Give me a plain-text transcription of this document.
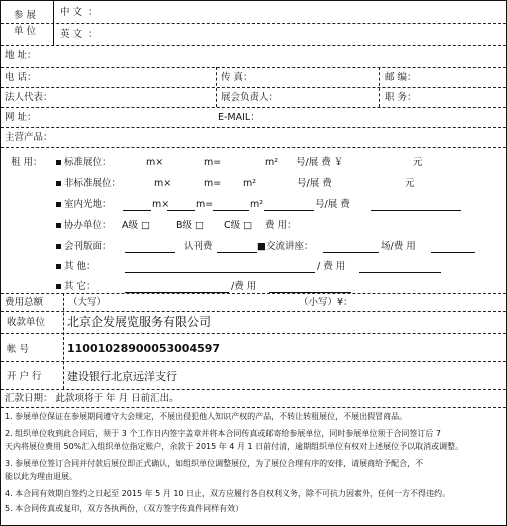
参 展
单 位
中 文 ：
英 文 ：
地 址：
电 话：	传 真：	邮 编：
法人代表：	展会负责人：	职 务：
网 址：	E-MAIL：
主营产品：
租 用：	标准展位：	m×	m=	m² 号/展 费 ￥	元
非标准展位：	m×	m= m²	号/展 费	元
室内光地：	m×	m=	m²	号/展 费
协办单位： A级 □	B级 □ C级 □ 费 用：
会刊版面：	认刊费	■交流讲座：	场/费 用
其 他：	/ 费 用
其 它：	/费 用
费用总额	（大写）	（小写）¥：
收款单位 北京企发展览服务有限公司
帐 号	110010289000530045​97
开 户 行 建设银行北京远洋支行
汇款日期： 此款项将于 年 月 日前汇出。
1. 参展单位保证在参展期间遵守大会规定，不展出侵犯他人知识产权的产品，不转让转租展位，不展出假冒商品。
2. 组织单位收到此合同后，须于 3 个工作日内签字盖章并将本合同传真或邮寄给参展单位，同时参展单位须于合同签订后 7
天内将展位费用 50%汇入组织单位指定账户，余款于 2015 年 4 月 1 日前付清，逾期组织单位有权对上述展位予以取消或调整。
3. 参展单位签订合同并付款后展位即正式确认，如组织单位调整展位，为了展位合理有序的安排，请展商给予配合，不
能以此为理由退展。
4. 本合同有效期自签约之日起至 2015 年 5 月 10 日止，双方应履行各自权利义务，除不可抗力因素外，任何一方不得违约。
5. 本合同传真或复印，双方各执两份，（双方签字传真件同样有效）
